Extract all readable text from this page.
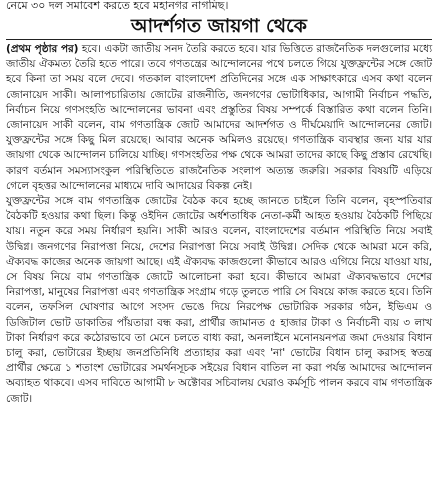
নেমে ৩০ দল সমাবেশ করতে হবে মহানগর নাগমিছ।
আদর্শগত জায়গা থেকে

(প্রথম পৃষ্ঠার পর) হবে। একটা জাতীয় সনদ তৈরি করতে হবে। যার ভিত্তিতে রাজনৈতিক দলগুলোর মধ্যে জাতীয় ঐকমত্য তৈরি হতে পারে। তবে গণতন্ত্রের আন্দোলনের পথে চলতে গিয়ে যুক্তফ্রন্টের সঙ্গে জোট হবে কিনা তা সময় বলে দেবে। গতকাল বাংলাদেশ প্রতিদিনের সঙ্গে এক সাক্ষাৎকারে এসব কথা বলেন জোনায়েদ সাকী। আলাপচারিতায় জোটের রাজনীতি, জনগণের ভোটাধিকার, আগামী নির্বাচন পদ্ধতি, নির্বাচন নিয়ে গণসংহতি আন্দোলনের ভাবনা এবং প্রস্তুতির বিষয় সম্পর্কে বিস্তারিত কথা বলেন তিনি। জোনায়েদ সাকী বলেন, বাম গণতান্ত্রিক জোট আমাদের আদর্শগত ও দীর্ঘমেয়াদি আন্দোলনের জোট। যুক্তফ্রন্টের সঙ্গে কিছু মিল রয়েছে। আবার অনেক অমিলও রয়েছে। গণতান্ত্রিক ব্যবস্থার জন্য যার যার জায়গা থেকে আন্দোলন চালিয়ে যাচ্ছি। গণসংহতির পক্ষ থেকে আমরা তাদের কাছে কিছু প্রস্তাব রেখেছি। কারণ বর্তমান সমস্যাসংকুল পরিস্থিতিতে রাজনৈতিক সংলাপ অত্যন্ত জরুরি। সরকার বিষয়টি এড়িয়ে গেলে বৃহত্তর আন্দোলনের মাধ্যমে দাবি আদায়ের বিকল্প নেই।

যুক্তফ্রন্টের সঙ্গে বাম গণতান্ত্রিক জোটের বৈঠক কবে হচ্ছে জানতে চাইলে তিনি বলেন, বৃহস্পতিবার বৈঠকটি হওয়ার কথা ছিল। কিন্তু ওইদিন জোটের অর্ধশতাধিক নেতা-কর্মী আহত হওয়ায় বৈঠকটি পিছিয়ে যায়। নতুন করে সময় নির্ধারণ হয়নি। সাকী আরও বলেন, বাংলাদেশের বর্তমান পরিস্থিতি নিয়ে সবাই উদ্বিগ্ন। জনগণের নিরাপত্তা নিয়ে, দেশের নিরাপত্তা নিয়ে সবাই উদ্বিগ্ন। সেদিক থেকে আমরা মনে করি, ঐক্যবদ্ধ কাজের অনেক জায়গা আছে। এই ঐক্যবদ্ধ কাজগুলো কীভাবে আরও এগিয়ে নিয়ে যাওয়া যায়, সে বিষয় নিয়ে বাম গণতান্ত্রিক জোটে আলোচনা করা হবে। কীভাবে আমরা ঐক্যবদ্ধভাবে দেশের নিরাপত্তা, মানুষের নিরাপত্তা এবং গণতান্ত্রিক সংগ্রাম গড়ে তুলতে পারি সে বিষয়ে কাজ করতে হবে। তিনি বলেন, তফসিল ঘোষণার আগে সংসদ ভেঙে দিয়ে নিরপেক্ষ ভোটারিক সরকার গঠন, ইভিএম ও ডিজিটাল ভোট ডাকাতির পাঁয়তারা বন্ধ করা, প্রার্থীর জামানত ৫ হাজার টাকা ও নির্বাচনী ব্যয় ৩ লাখ টাকা নির্ধারণ করে কঠোরভাবে তা মেনে চলতে বাধ্য করা, অনলাইনে মনোনয়নপত্র জমা দেওয়ার বিধান চালু করা, ভোটারের ইচ্ছায় জনপ্রতিনিধি প্রত্যাহার করা এবং 'না' ভোটের বিধান চালু করাসহ স্বতন্ত্র প্রার্থীর ক্ষেত্রে ১ শতাংশ ভোটারের সমর্থনসূচক সইয়ের বিধান বাতিল না করা পর্যন্ত আমাদের আন্দোলন অব্যাহত থাকবে। এসব দাবিতে আগামী ৮ অক্টোবর সচিবালয় ঘেরাও কর্মসূচি পালন করবে বাম গণতান্ত্রিক জোট।
